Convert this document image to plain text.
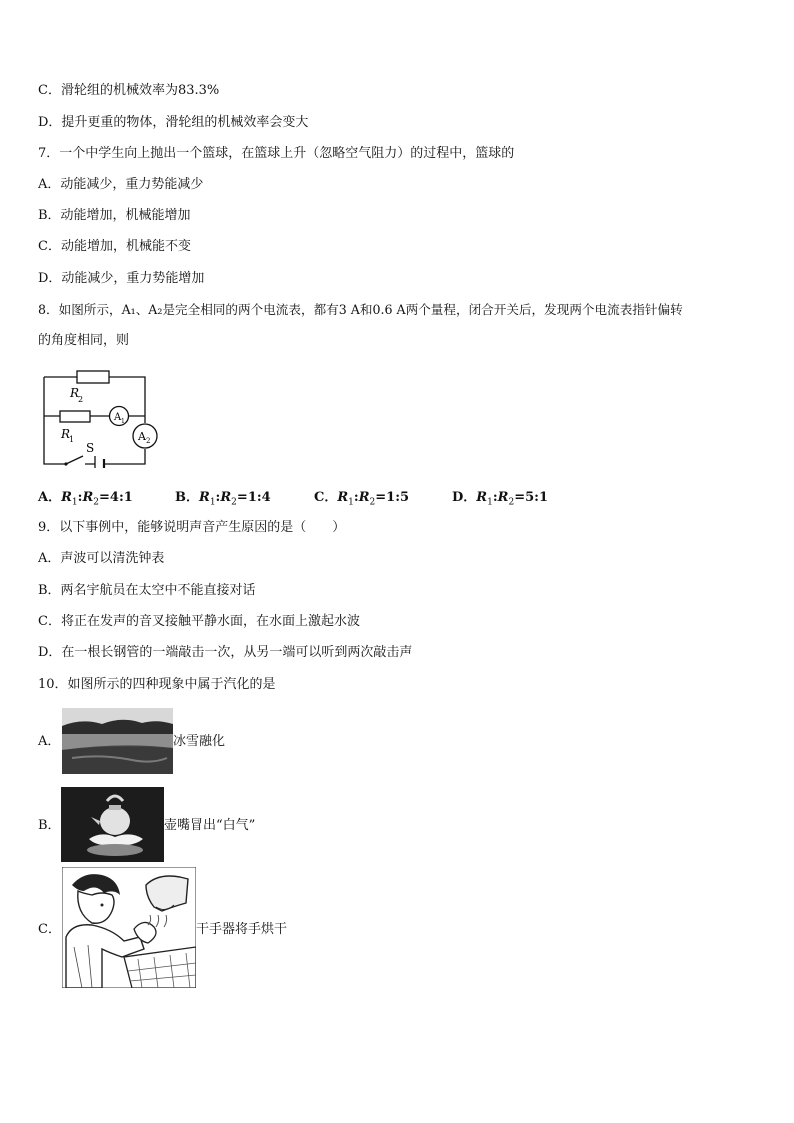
C．滑轮组的机械效率为83.3%
D．提升更重的物体，滑轮组的机械效率会变大
7．一个中学生向上抛出一个篮球，在篮球上升（忽略空气阻力）的过程中，篮球的
A．动能减少，重力势能减少
B．动能增加，机械能增加
C．动能增加，机械能不变
D．动能减少，重力势能增加
8．如图所示，A₁、A₂是完全相同的两个电流表，都有3 A和0.6 A两个量程，闭合开关后，发现两个电流表指针偏转
的角度相同，则
R
2
R
1
A 1
A 2
S
A．$R_1:R_2=4:1$	B．$R_1:R_2=1:4$	C．$R_1:R_2=1:5$	D．$R_1:R_2=5:1$
9．以下事例中，能够说明声音产生原因的是（　　）
A．声波可以清洗钟表
B．两名宇航员在太空中不能直接对话
C．将正在发声的音叉接触平静水面，在水面上激起水波
D．在一根长钢管的一端敲击一次，从另一端可以听到两次敲击声
10．如图所示的四种现象中属于汽化的是
A．	冰雪融化
B．	壶嘴冒出“白气”
C．	干手器将手烘干
